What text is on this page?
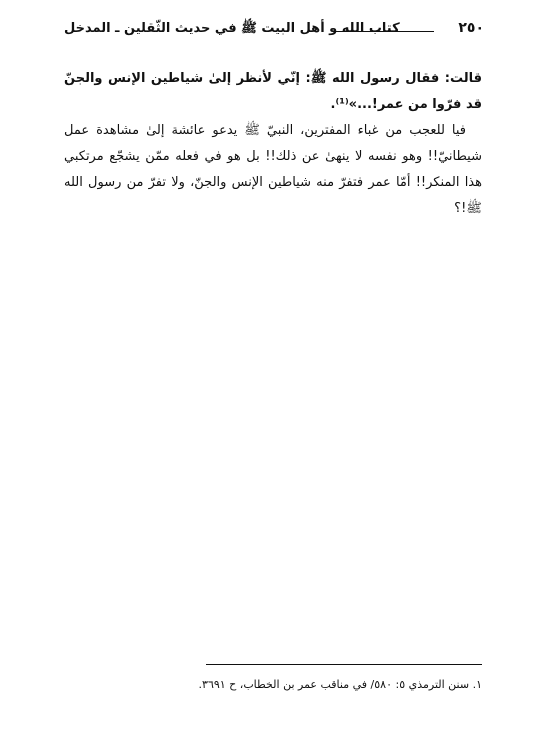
٢٥٠
كتاب الله و أهل البيت ﷺ في حديث الثّقلين ـ المدخل

قالت: فقال رسول الله ﷺ: إنّي لأنظر إلىٰ شياطين الإنس والجنّ قد فرّوا من عمر!...»⁽¹⁾.

فيا للعجب من غباء المفترين، النبيّ ﷺ يدعو عائشة إلىٰ مشاهدة عمل شيطانيّ!! وهو نفسه لا ينهىٰ عن ذلك!! بل هو في فعله ممّن يشجّع مرتكبي هذا المنكر!! أمّا عمر فتفرّ منه شياطين الإنس والجنّ، ولا تفرّ من رسول الله ﷺ!؟

١. سنن الترمذي ٥: ٥٨٠/ في مناقب عمر بن الخطاب، ح ٣٦٩١.
